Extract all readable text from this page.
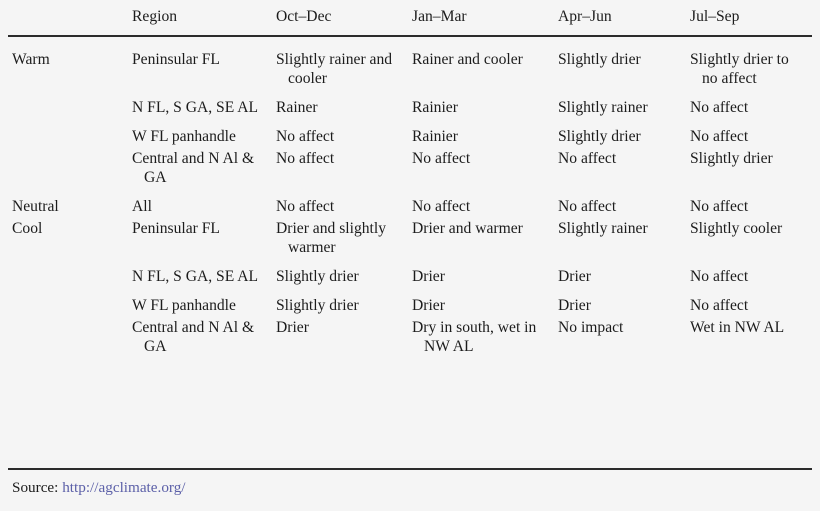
	Region	Oct–Dec	Jan–Mar	Apr–Jun	Jul–Sep

Warm	Peninsular FL	Slightly rainer and cooler	Rainer and cooler	Slightly drier	Slightly drier to no affect

	N FL, S GA, SE AL	Rainer	Rainier	Slightly rainer	No affect

	W FL panhandle	No affect	Rainier	Slightly drier	No affect

	Central and N Al & GA	No affect	No affect	No affect	Slightly drier

Neutral	All	No affect	No affect	No affect	No affect

Cool	Peninsular FL	Drier and slightly warmer	Drier and warmer	Slightly rainer	Slightly cooler

	N FL, S GA, SE AL	Slightly drier	Drier	Drier	No affect

	W FL panhandle	Slightly drier	Drier	Drier	No affect

	Central and N Al & GA	Drier	Dry in south, wet in NW AL	No impact	Wet in NW AL
Source: http://agclimate.org/
